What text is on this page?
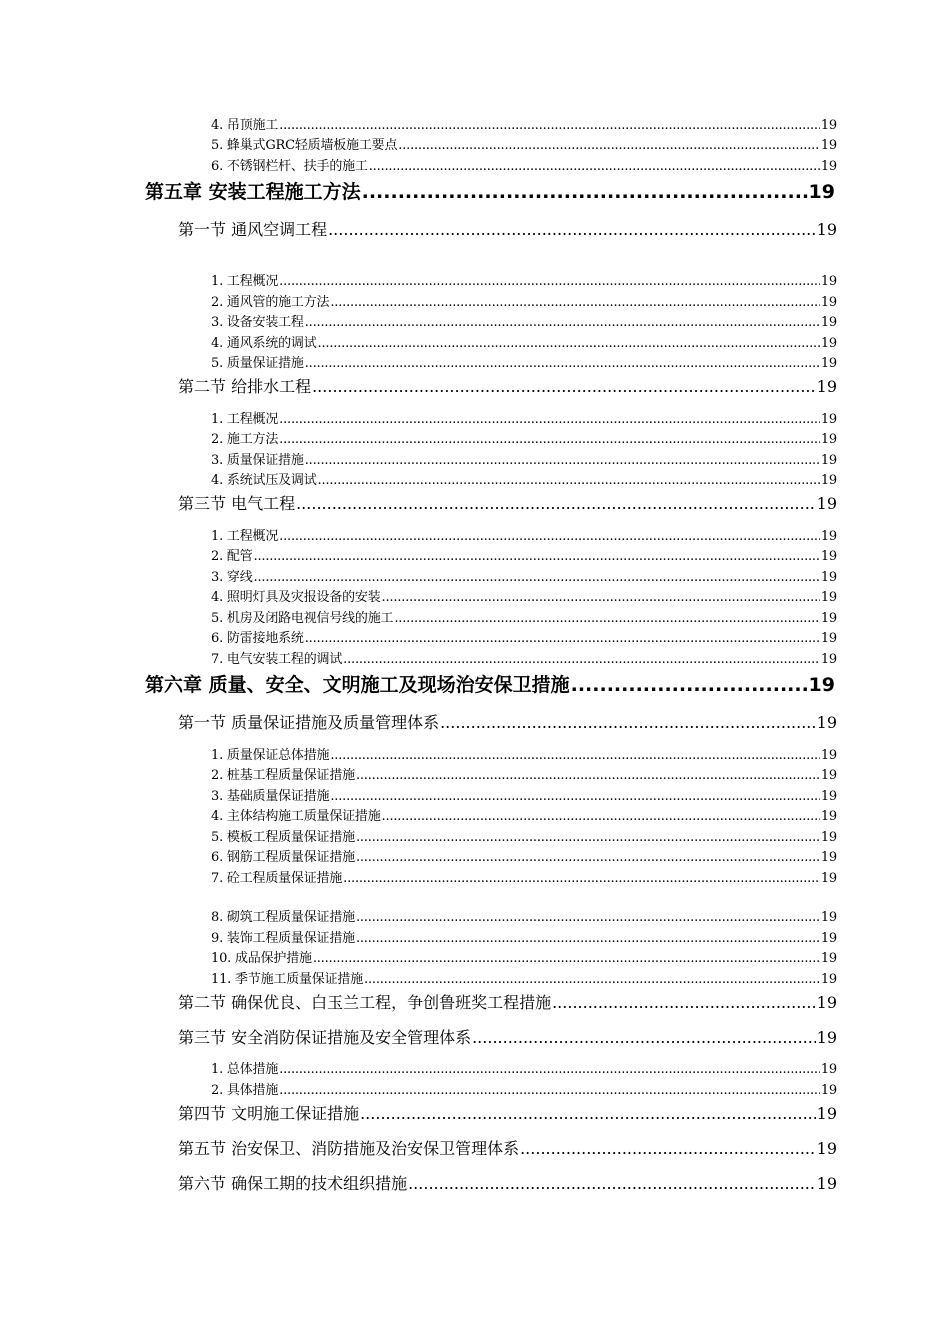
4. 吊顶施工 .....	19
5. 蜂巢式GRC轻质墙板施工要点 .....	19
6. 不锈钢栏杆、扶手的施工 .....	19
第五章 安装工程施工方法 .....	19
第一节 通风空调工程 .....	19
1. 工程概况 .....	19
2. 通风管的施工方法 .....	19
3. 设备安装工程 .....	19
4. 通风系统的调试 .....	19
5. 质量保证措施 .....	19
第二节 给排水工程 .....	19
1. 工程概况 .....	19
2. 施工方法 .....	19
3. 质量保证措施 .....	19
4. 系统试压及调试 .....	19
第三节 电气工程 .....	19
1. 工程概况 .....	19
2. 配管 .....	19
3. 穿线 .....	19
4. 照明灯具及灾报设备的安装 .....	19
5. 机房及闭路电视信号线的施工 .....	19
6. 防雷接地系统 .....	19
7. 电气安装工程的调试 .....	19
第六章 质量、安全、文明施工及现场治安保卫措施 .....	19
第一节 质量保证措施及质量管理体系 .....	19
1. 质量保证总体措施 .....	19
2. 桩基工程质量保证措施 .....	19
3. 基础质量保证措施 .....	19
4. 主体结构施工质量保证措施 .....	19
5. 模板工程质量保证措施 .....	19
6. 钢筋工程质量保证措施 .....	19
7. 砼工程质量保证措施 .....	19
8. 砌筑工程质量保证措施 .....	19
9. 装饰工程质量保证措施 .....	19
10. 成品保护措施 .....	19
11. 季节施工质量保证措施 .....	19
第二节 确保优良、白玉兰工程，争创鲁班奖工程措施 .....	19
第三节 安全消防保证措施及安全管理体系 .....	19
1. 总体措施 .....	19
2. 具体措施 .....	19
第四节 文明施工保证措施 .....	19
第五节 治安保卫、消防措施及治安保卫管理体系 .....	19
第六节 确保工期的技术组织措施 .....	19
